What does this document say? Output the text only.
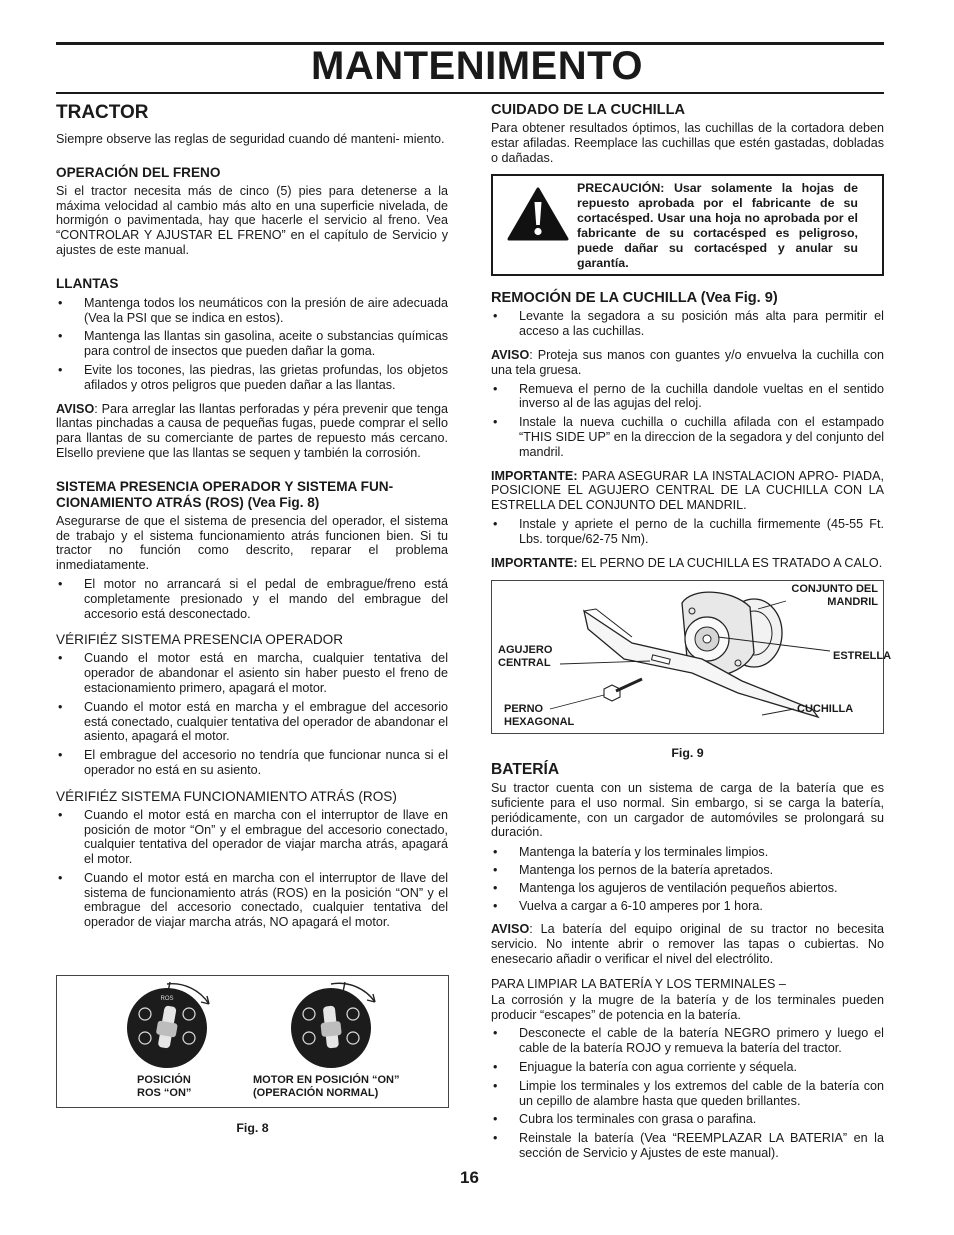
MANTENIMENTO
TRACTOR

Siempre observe las reglas de seguridad cuando dé manteni- miento.

OPERACIÓN DEL FRENO

Si el tractor necesita más de cinco (5) pies para detenerse a la máxima velocidad al cambio más alto en una superficie nivelada, de hormigón o pavimentada, hay que hacerle el servicio al freno. Vea “CONTROLAR Y AJUSTAR EL FRENO” en el capítulo de Servicio y ajustes de este manual.

LLANTAS
• Mantenga todos los neumáticos con la presión de aire adecuada (Vea la PSI que se indica en estos).
• Mantenga las llantas sin gasolina, aceite o substancias químicas para control de insectos que pueden dañar la goma.
• Evite los tocones, las piedras, las grietas profundas, los objetos afilados y otros peligros que pueden dañar a las llantas.

AVISO: Para arreglar las llantas perforadas y péra prevenir que tenga llantas pinchadas a causa de pequeñas fugas, puede comprar el sello para llantas de su comerciante de partes de repuesto más cercano. Elsello previene que las llantas se sequen y también la corrosión.

SISTEMA PRESENCIA OPERADOR Y SISTEMA FUN- CIONAMIENTO ATRÁS (ROS) (Vea Fig. 8)

Asegurarse de que el sistema de presencia del operador, el sistema de trabajo y el sistema funcionamiento atrás funcionen bien. Si tu tractor no función como descrito, reparar el problema inmediatamente.

• El motor no arrancará si el pedal de embrague/freno está completamente presionado y el mando del embrague del accesorio está desconectado.
VÉRIFIÉZ SISTEMA PRESENCIA OPERADOR
• Cuando el motor está en marcha, cualquier tentativa del operador de abandonar el asiento sin haber puesto el freno de estacionamiento primero, apagará el motor.
• Cuando el motor está en marcha y el embrague del accesorio está conectado, cualquier tentativa del operador de abandonar el asiento, apagará el motor.
• El embrague del accesorio no tendría que funcionar nunca si el operador no está en su asiento.
VÉRIFIÉZ SISTEMA FUNCIONAMIENTO ATRÁS (ROS)
• Cuando el motor está en marcha con el interruptor de llave en posición de motor “On” y el embrague del accesorio conectado, cualquier tentativa del operador de viajar marcha atrás, apagará el motor.
• Cuando el motor está en marcha con el interruptor de llave del sistema de funcionamiento atrás (ROS) en la posición “ON” y el embrague del accesorio conectado, cualquier tentativa del operador de viajar marcha atrás, NO apagará el motor.
ROS
POSICIÓN
ROS “ON”
MOTOR EN POSICIÓN “ON”
(OPERACIÓN NORMAL)
Fig. 8
CUIDADO DE LA CUCHILLA

Para obtener resultados óptimos, las cuchillas de la cortadora deben estar afiladas. Reemplace las cuchillas que estén gastadas, dobladas o dañadas.

PRECAUCIÓN: Usar solamente la hojas de repuesto aprobada por el fabricante de su cortacésped. Usar una hoja no aprobada por el fabricante de su cortacésped es peligroso, puede dañar su cortacésped y anular su garantía.
REMOCIÓN DE LA CUCHILLA (Vea Fig. 9)
• Levante la segadora a su posición más alta para permitir el acceso a las cuchillas.

AVISO: Proteja sus manos con guantes y/o envuelva la cuchilla con una tela gruesa.

• Remueva el perno de la cuchilla dandole vueltas en el sentido inverso al de las agujas del reloj.
• Instale la nueva cuchilla o cuchilla afilada con el estampado “THIS SIDE UP” en la direccion de la segadora y del conjunto del mandril.

IMPORTANTE: PARA ASEGURAR LA INSTALACION APRO- PIADA, POSICIONE EL AGUJERO CENTRAL DE LA CUCHILLA CON LA ESTRELLA DEL CONJUNTO DEL MANDRIL.

• Instale y apriete el perno de la cuchilla firmemente (45-55 Ft. Lbs. torque/62-75 Nm).

IMPORTANTE: EL PERNO DE LA CUCHILLA ES TRATADO A CALO.

CONJUNTO DEL
MANDRIL
AGUJERO
CENTRAL
ESTRELLA
PERNO
HEXAGONAL
CUCHILLA
Fig. 9
BATERÍA

Su tractor cuenta con un sistema de carga de la batería que es suficiente para el uso normal. Sin embargo, si se carga la batería, periódicamente, con un cargador de automóviles se prolongará su duración.

• Mantenga la batería y los terminales limpios.
• Mantenga los pernos de la batería apretados.
• Mantenga los agujeros de ventilación pequeños abiertos.
• Vuelva a cargar a 6-10 amperes por 1 hora.

AVISO: La batería del equipo original de su tractor no becesita servicio. No intente abrir o remover las tapas o cubiertas. No enesecario añadir o verificar el nivel del electrólito.

PARA LIMPIAR LA BATERÍA Y LOS TERMINALES –

La corrosión y la mugre de la batería y de los terminales pueden producir “escapes” de potencia en la batería.

• Desconecte el cable de la batería NEGRO primero y luego el cable de la batería ROJO y remueva la batería del tractor.
• Enjuague la batería con agua corriente y séquela.
• Limpie los terminales y los extremos del cable de la batería con un cepillo de alambre hasta que queden brillantes.
• Cubra los terminales con grasa o parafina.
• Reinstale la batería (Vea “REEMPLAZAR LA BATERIA” en la sección de Servicio y Ajustes de este manual).
16
